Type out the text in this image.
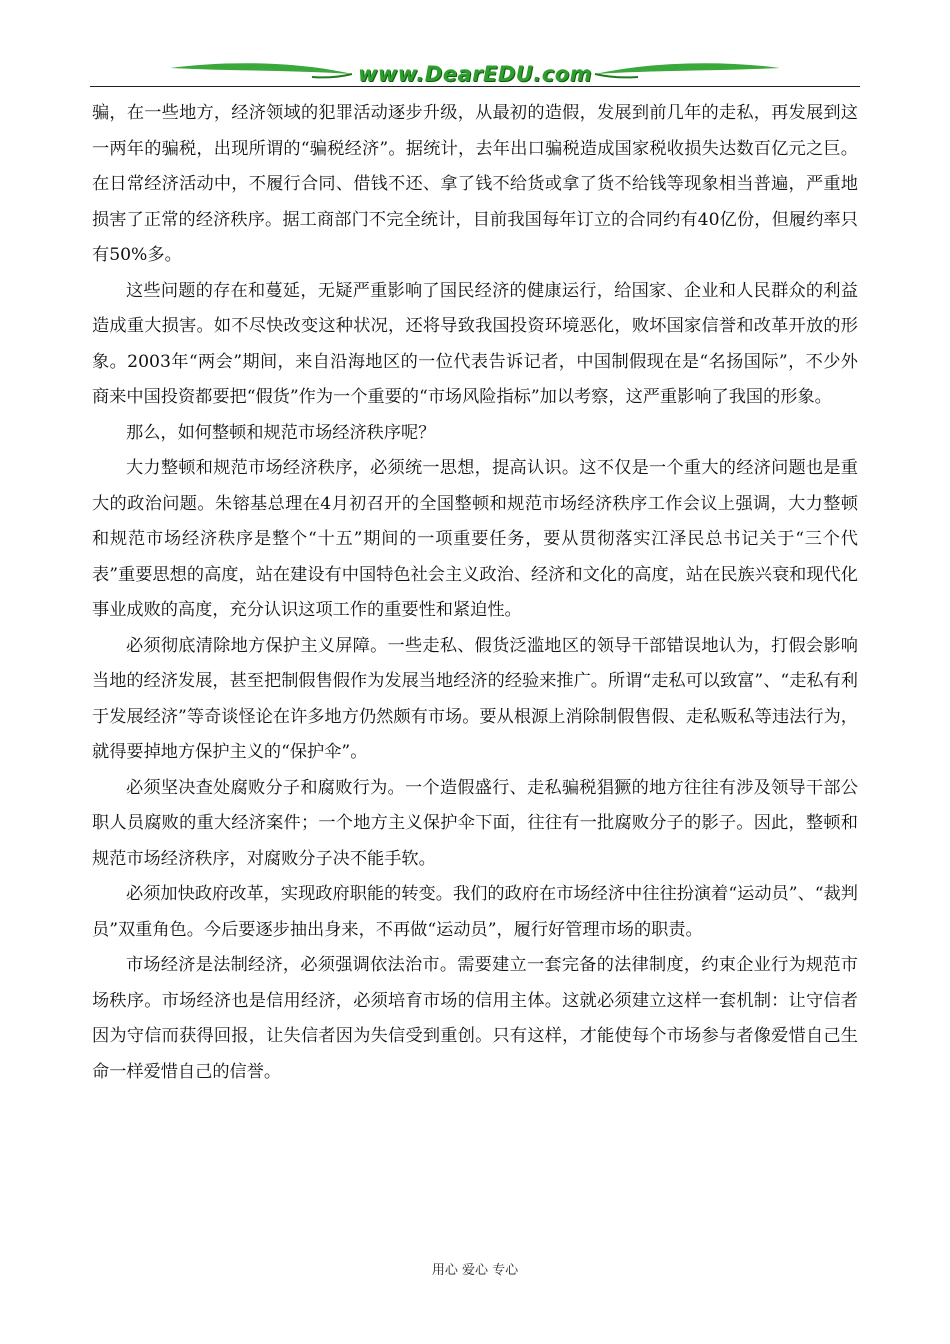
www.DearEDU.com

骗，在一些地方，经济领域的犯罪活动逐步升级，从最初的造假，发展到前几年的走私，再发展到这一两年的骗税，出现所谓的“骗税经济”。据统计，去年出口骗税造成国家税收损失达数百亿元之巨。在日常经济活动中，不履行合同、借钱不还、拿了钱不给货或拿了货不给钱等现象相当普遍，严重地损害了正常的经济秩序。据工商部门不完全统计，目前我国每年订立的合同约有40亿份，但履约率只有50%多。

这些问题的存在和蔓延，无疑严重影响了国民经济的健康运行，给国家、企业和人民群众的利益造成重大损害。如不尽快改变这种状况，还将导致我国投资环境恶化，败坏国家信誉和改革开放的形象。2003年“两会”期间，来自沿海地区的一位代表告诉记者，中国制假现在是“名扬国际”，不少外商来中国投资都要把“假货”作为一个重要的“市场风险指标”加以考察，这严重影响了我国的形象。

那么，如何整顿和规范市场经济秩序呢？

大力整顿和规范市场经济秩序，必须统一思想，提高认识。这不仅是一个重大的经济问题也是重大的政治问题。朱镕基总理在4月初召开的全国整顿和规范市场经济秩序工作会议上强调，大力整顿和规范市场经济秩序是整个“十五”期间的一项重要任务，要从贯彻落实江泽民总书记关于“三个代表”重要思想的高度，站在建设有中国特色社会主义政治、经济和文化的高度，站在民族兴衰和现代化事业成败的高度，充分认识这项工作的重要性和紧迫性。

必须彻底清除地方保护主义屏障。一些走私、假货泛滥地区的领导干部错误地认为，打假会影响当地的经济发展，甚至把制假售假作为发展当地经济的经验来推广。所谓“走私可以致富”、“走私有利于发展经济”等奇谈怪论在许多地方仍然颇有市场。要从根源上消除制假售假、走私贩私等违法行为，就得要掉地方保护主义的“保护伞”。

必须坚决查处腐败分子和腐败行为。一个造假盛行、走私骗税猖獗的地方往往有涉及领导干部公职人员腐败的重大经济案件；一个地方主义保护伞下面，往往有一批腐败分子的影子。因此，整顿和规范市场经济秩序，对腐败分子决不能手软。

必须加快政府改革，实现政府职能的转变。我们的政府在市场经济中往往扮演着“运动员”、“裁判员”双重角色。今后要逐步抽出身来，不再做“运动员”，履行好管理市场的职责。

市场经济是法制经济，必须强调依法治市。需要建立一套完备的法律制度，约束企业行为规范市场秩序。市场经济也是信用经济，必须培育市场的信用主体。这就必须建立这样一套机制：让守信者因为守信而获得回报，让失信者因为失信受到重创。只有这样，才能使每个市场参与者像爱惜自己生命一样爱惜自己的信誉。

用心 爱心 专心
